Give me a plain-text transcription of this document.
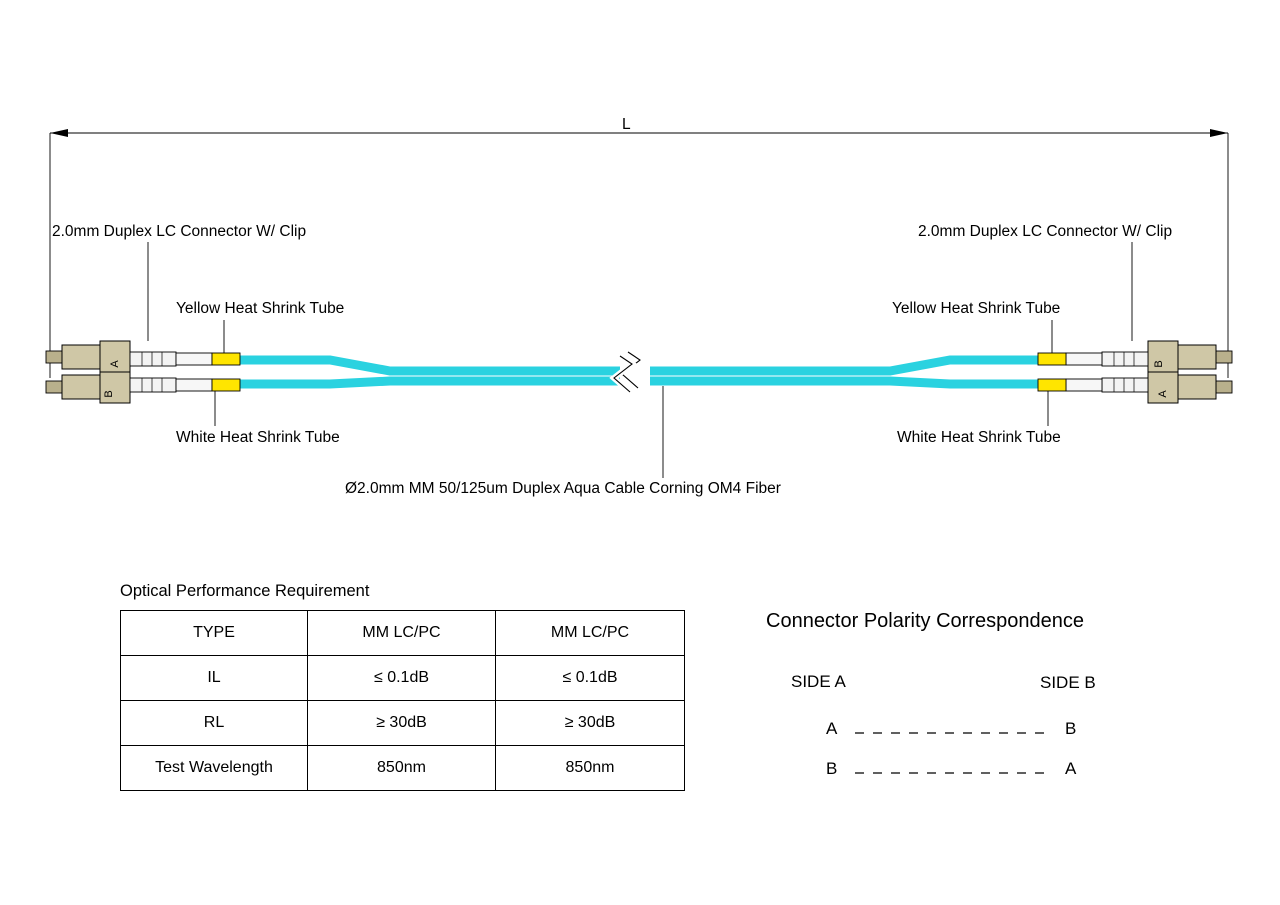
A
B
B
A
L
2.0mm Duplex LC Connector W/ Clip	2.0mm Duplex LC Connector W/ Clip
Yellow Heat Shrink Tube	Yellow Heat Shrink Tube
White Heat Shrink Tube	White Heat Shrink Tube
Ø2.0mm MM 50/125um Duplex Aqua Cable Corning OM4 Fiber
Optical Performance Requirement
TYPE	MM LC/PC	MM LC/PC
IL	≤ 0.1dB	≤ 0.1dB
RL	≥ 30dB	≥ 30dB
Test Wavelength	850nm	850nm
Connector Polarity Correspondence
SIDE A	SIDE B
A	B
B	A
